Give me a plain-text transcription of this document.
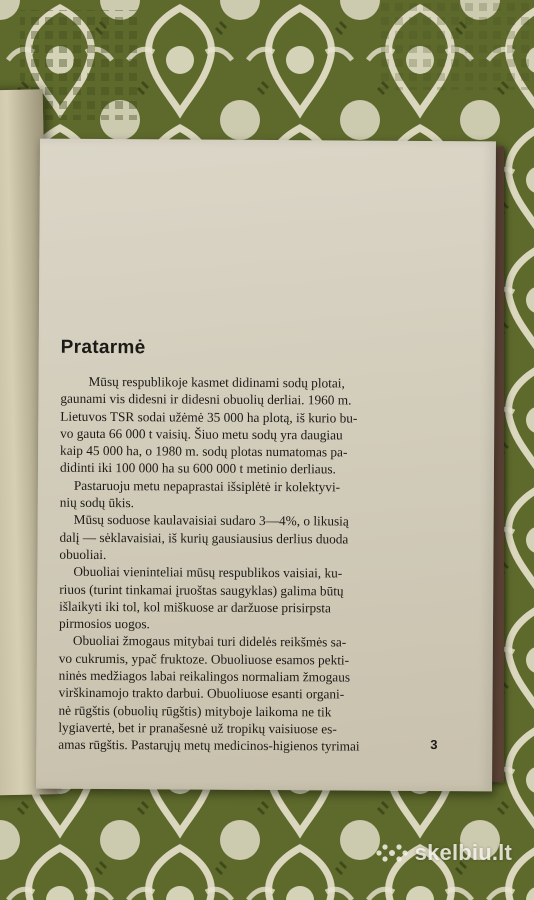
Pratarmė

Mūsų respublikoje kasmet didinami sodų plotai,
gaunami vis didesni ir didesni obuolių derliai. 1960 m.
Lietuvos TSR sodai užėmė 35 000 ha plotą, iš kurio bu-
vo gauta 66 000 t vaisių. Šiuo metu sodų yra daugiau
kaip 45 000 ha, o 1980 m. sodų plotas numatomas pa-
didinti iki 100 000 ha su 600 000 t metinio derliaus.

Pastaruoju metu nepaprastai išsiplėtė ir kolektyvi-
nių sodų ūkis.

Mūsų soduose kaulavaisiai sudaro 3—4%, o likusią
dalį — sėklavaisiai, iš kurių gausiausius derlius duoda
obuoliai.

Obuoliai vieninteliai mūsų respublikos vaisiai, ku-
riuos (turint tinkamai įruoštas saugyklas) galima būtų
išlaikyti iki tol, kol miškuose ar daržuose prisirpsta
pirmosios uogos.

Obuoliai žmogaus mitybai turi didelės reikšmės sa-
vo cukrumis, ypač fruktoze. Obuoliuose esamos pekti-
ninės medžiagos labai reikalingos normaliam žmogaus
virškinamojo trakto darbui. Obuoliuose esanti organi-
nė rūgštis (obuolių rūgštis) mityboje laikoma ne tik
lygiavertė, bet ir pranašesnė už tropikų vaisiuose es-
amas rūgštis. Pastarųjų metų medicinos-higienos tyrimai	3
skelbiu.lt
